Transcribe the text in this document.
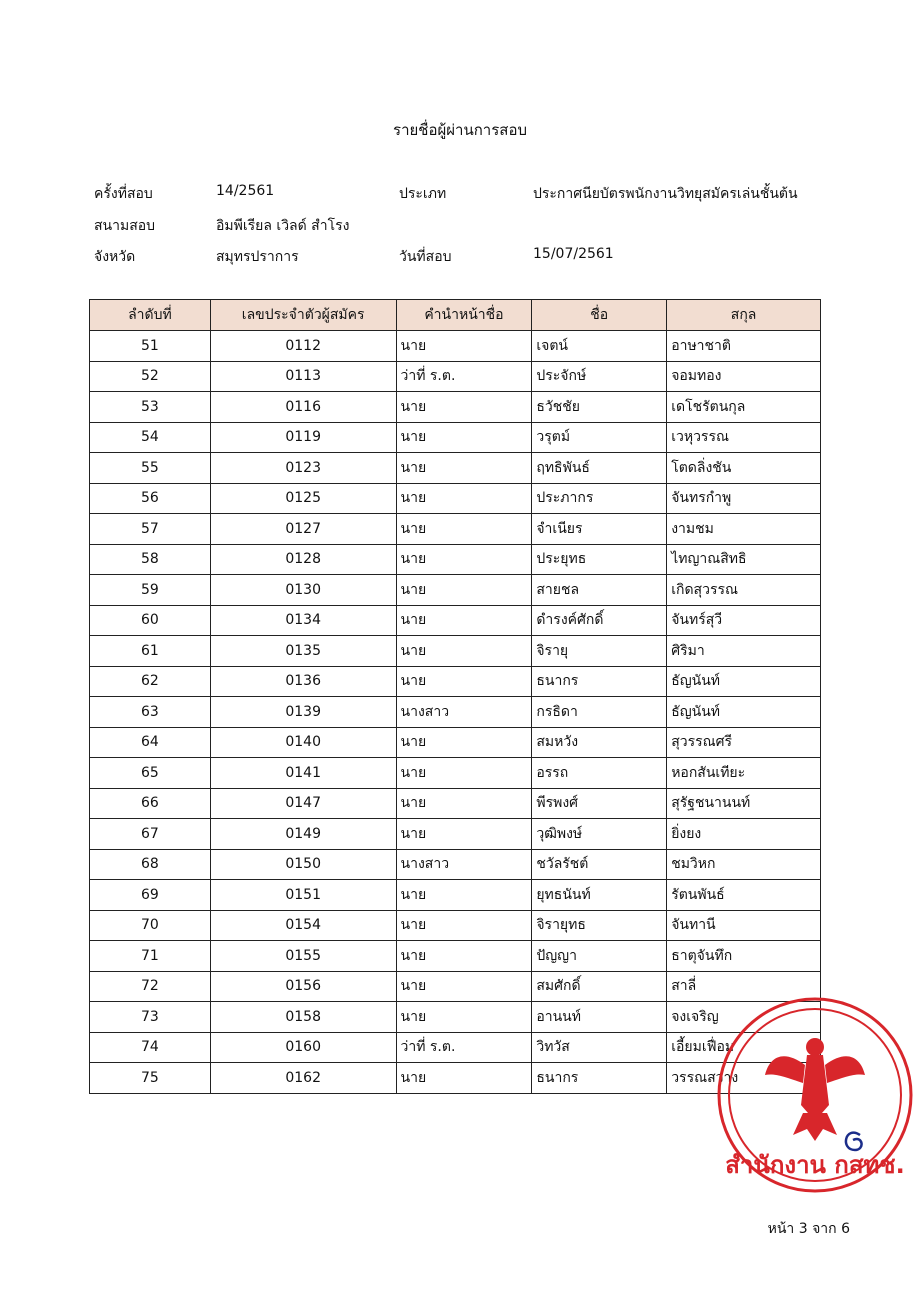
รายชื่อผู้ผ่านการสอบ
ครั้งที่สอบ	14/2561	ประเภท	ประกาศนียบัตรพนักงานวิทยุสมัครเล่นชั้นต้น
สนามสอบ	อิมพีเรียล เวิลด์ สำโรง
จังหวัด	สมุทรปราการ	วันที่สอบ	15/07/2561
ลำดับที่	เลขประจำตัวผู้สมัคร	คำนำหน้าชื่อ	ชื่อ	สกุล
51	0112	นาย	เจตน์	อาษาชาติ
52	0113	ว่าที่ ร.ต.	ประจักษ์	จอมทอง
53	0116	นาย	ธวัชชัย	เดโชรัตนกุล
54	0119	นาย	วรุตม์	เวหุวรรณ
55	0123	นาย	ฤทธิพันธ์	โตดลิ่งชัน
56	0125	นาย	ประภากร	จันทรกำพู
57	0127	นาย	จำเนียร	งามชม
58	0128	นาย	ประยุทธ	ไทญาณสิทธิ
59	0130	นาย	สายชล	เกิดสุวรรณ
60	0134	นาย	ดำรงค์ศักดิ์	จันทร์สุวี
61	0135	นาย	จิรายุ	ศิริมา
62	0136	นาย	ธนากร	ธัญนันท์
63	0139	นางสาว	กรธิดา	ธัญนันท์
64	0140	นาย	สมหวัง	สุวรรณศรี
65	0141	นาย	อรรถ	หอกสันเทียะ
66	0147	นาย	พีรพงศ์	สุรัฐชนานนท์
67	0149	นาย	วุฒิพงษ์	ยิ่งยง
68	0150	นางสาว	ชวัลรัชต์	ชมวิหก
69	0151	นาย	ยุทธนันท์	รัตนพันธ์
70	0154	นาย	จิรายุทธ	จันทานี
71	0155	นาย	ปัญญา	ธาตุจันทึก
72	0156	นาย	สมศักดิ์	สาลี่
73	0158	นาย	อานนท์	จงเจริญ
74	0160	ว่าที่ ร.ต.	วิทวัส	เอี้ยมเฟื่อม
75	0162	นาย	ธนากร	วรรณสว่าง
สำนักงาน กสทช.
หน้า 3 จาก 6
